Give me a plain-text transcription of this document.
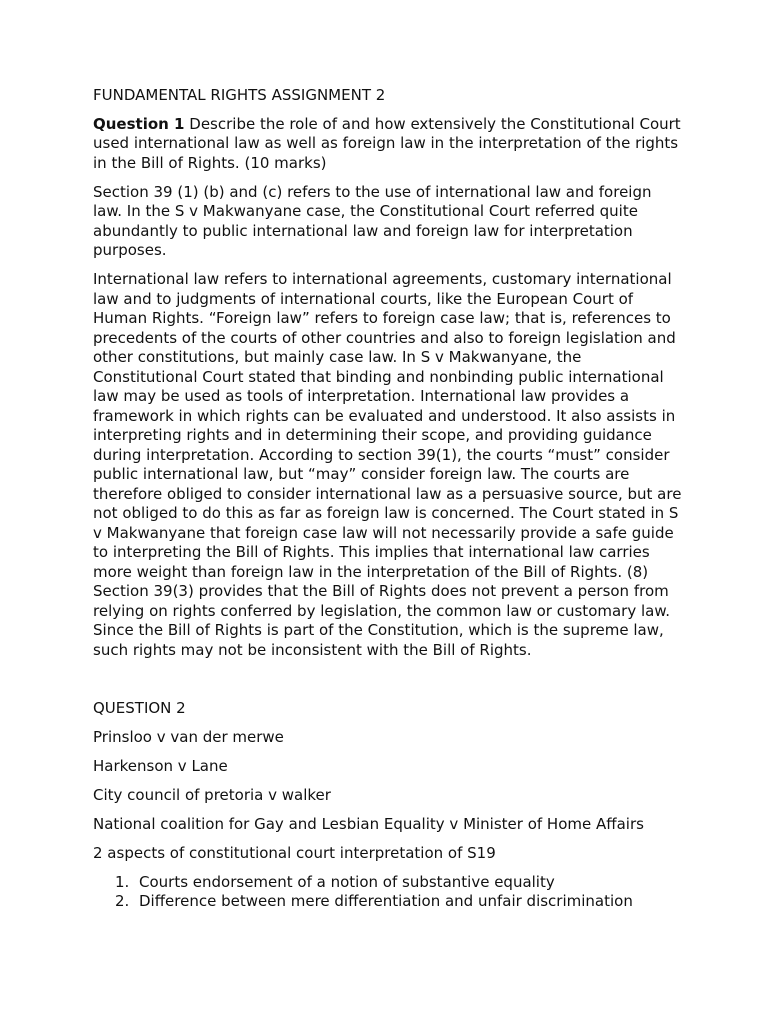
FUNDAMENTAL RIGHTS ASSIGNMENT 2

Question 1 Describe the role of and how extensively the Constitutional Court used international law as well as foreign law in the interpretation of the rights in the Bill of Rights. (10 marks)

Section 39 (1) (b) and (c) refers to the use of international law and foreign law. In the S v Makwanyane case, the Constitutional Court referred quite abundantly to public international law and foreign law for interpretation purposes.

International law refers to international agreements, customary international law and to judgments of international courts, like the European Court of Human Rights. “Foreign law” refers to foreign case law; that is, references to precedents of the courts of other countries and also to foreign legislation and other constitutions, but mainly case law. In S v Makwanyane, the Constitutional Court stated that binding and nonbinding public international law may be used as tools of interpretation. International law provides a framework in which rights can be evaluated and understood. It also assists in interpreting rights and in determining their scope, and providing guidance during interpretation. According to section 39(1), the courts “must” consider public international law, but “may” consider foreign law. The courts are therefore obliged to consider international law as a persuasive source, but are not obliged to do this as far as foreign law is concerned. The Court stated in S v Makwanyane that foreign case law will not necessarily provide a safe guide to interpreting the Bill of Rights. This implies that international law carries more weight than foreign law in the interpretation of the Bill of Rights. (8) Section 39(3) provides that the Bill of Rights does not prevent a person from relying on rights conferred by legislation, the common law or customary law. Since the Bill of Rights is part of the Constitution, which is the supreme law, such rights may not be inconsistent with the Bill of Rights.

QUESTION 2

Prinsloo v van der merwe

Harkenson v Lane

City council of pretoria v walker

National coalition for Gay and Lesbian Equality v Minister of Home Affairs

2 aspects of constitutional court interpretation of S19

1. Courts endorsement of a notion of substantive equality
2. Difference between mere differentiation and unfair discrimination
